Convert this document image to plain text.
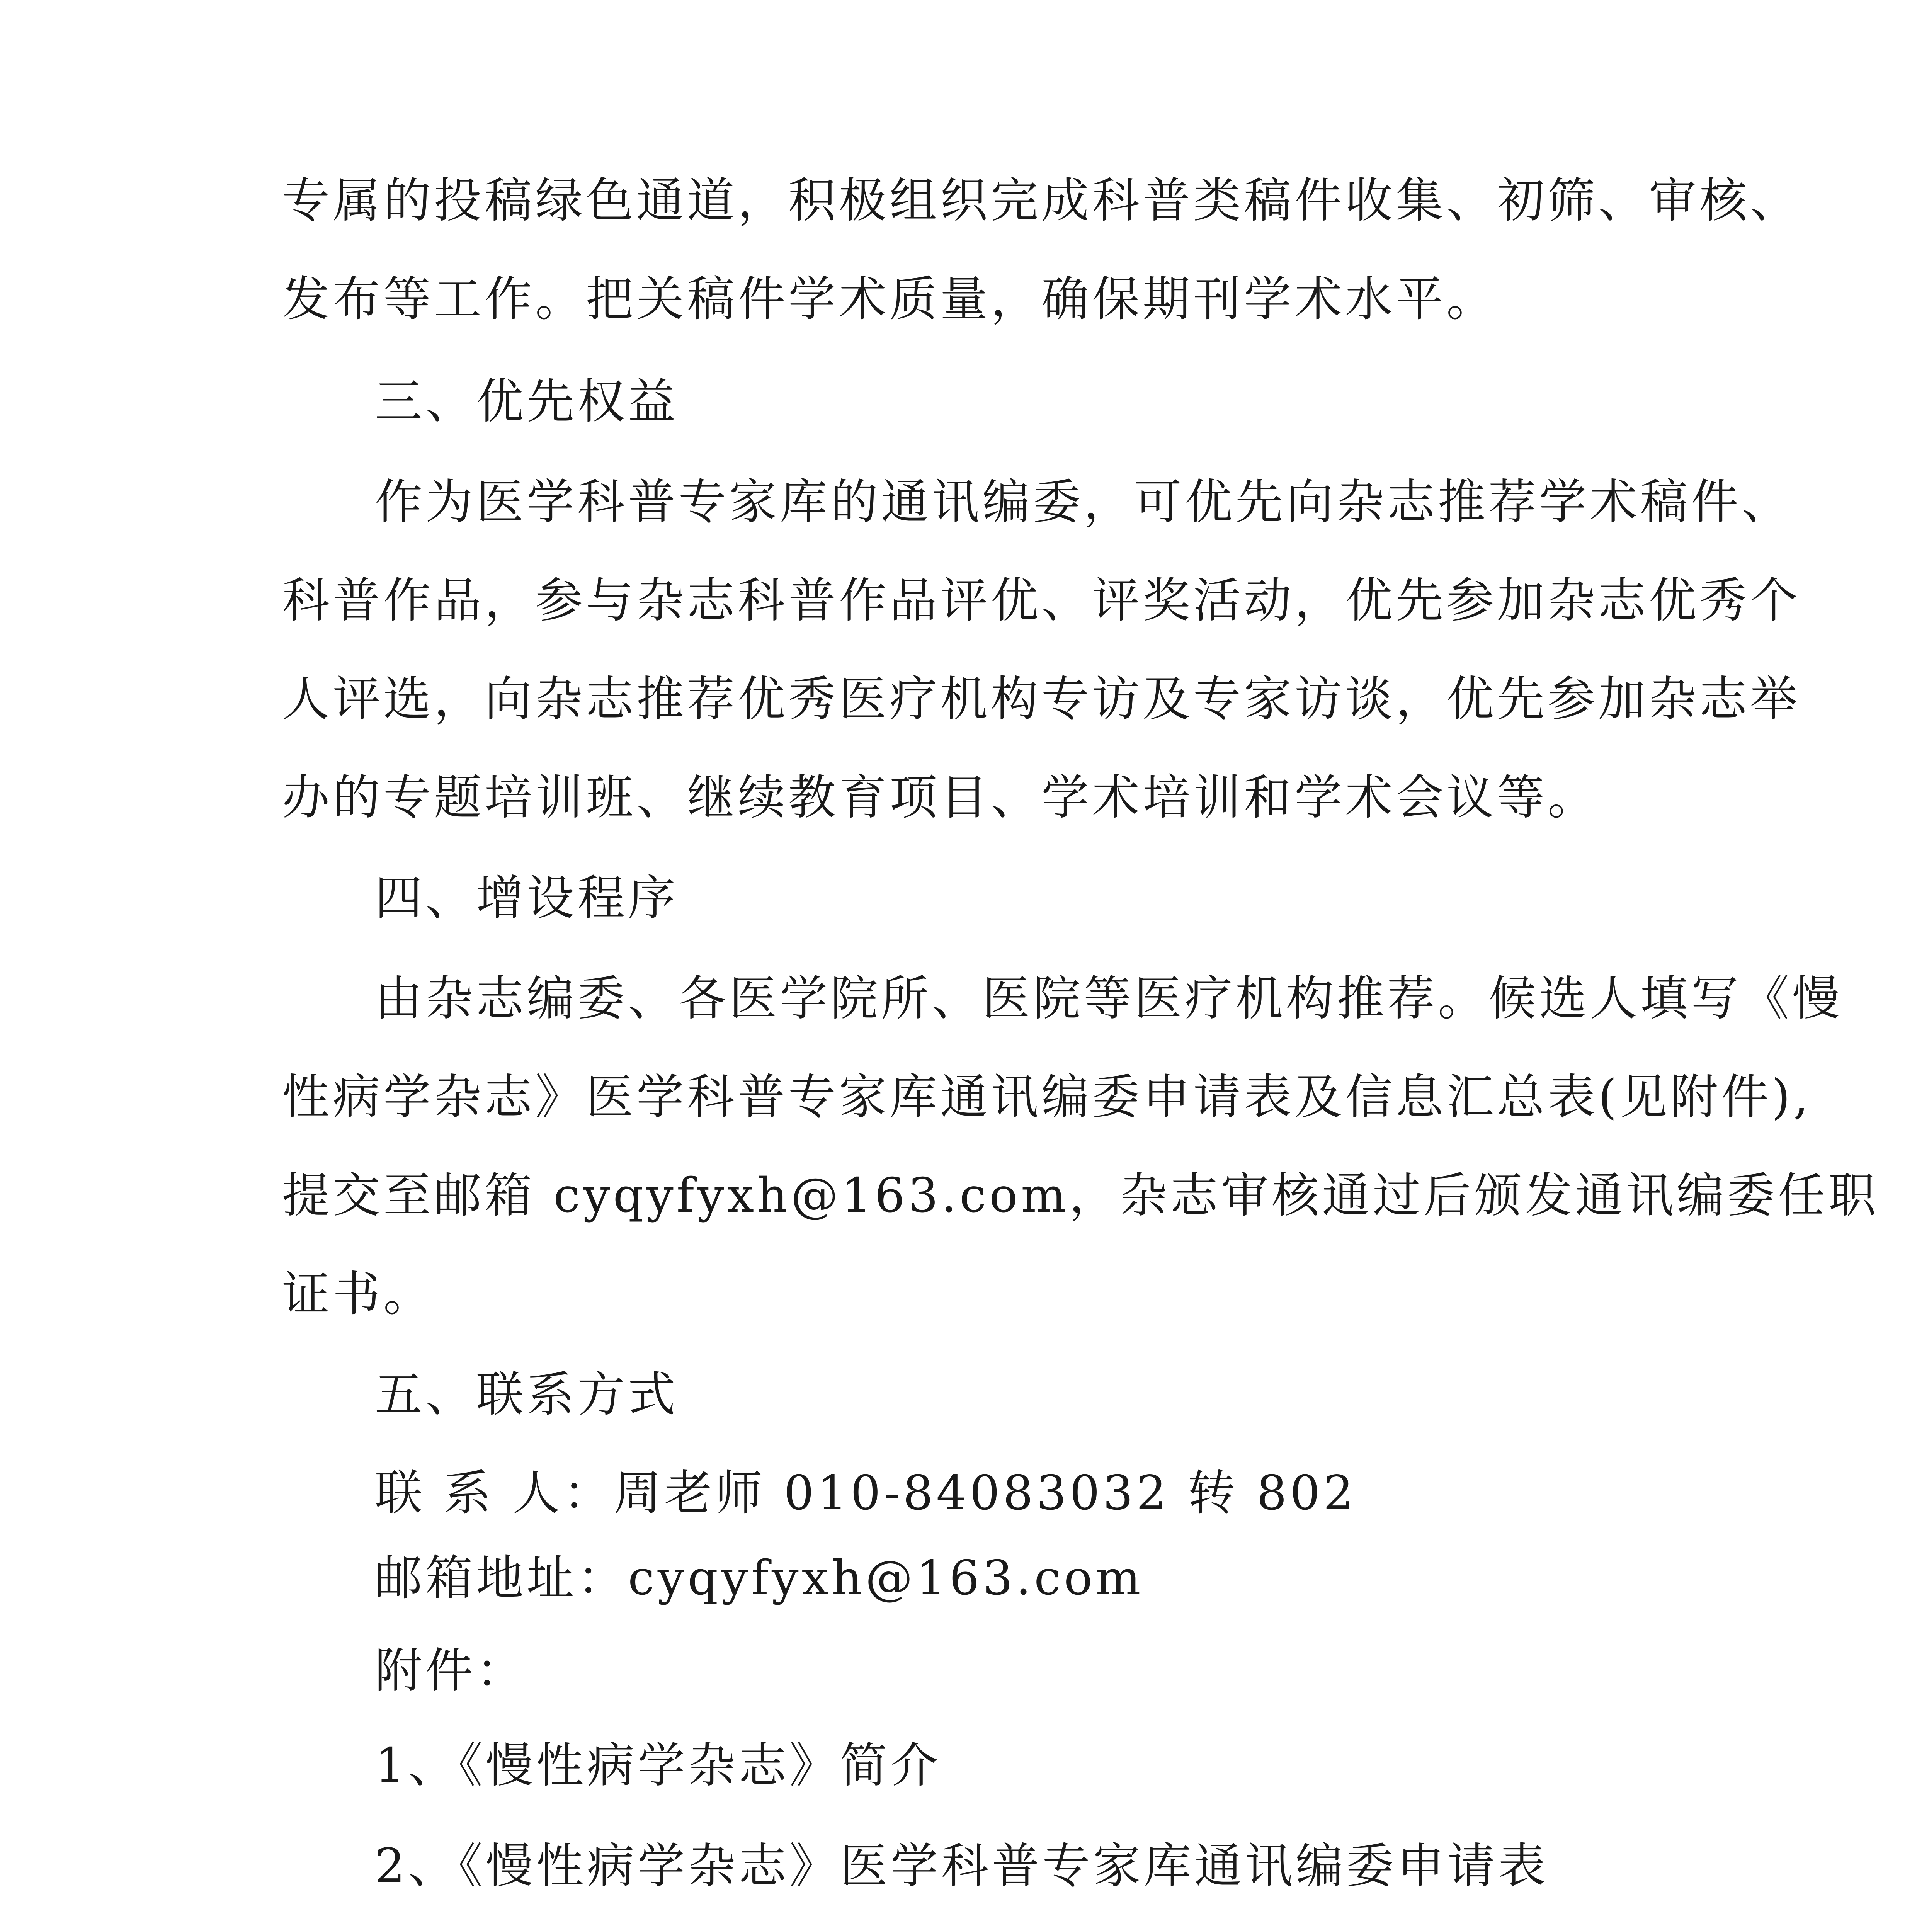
专属的投稿绿色通道，积极组织完成科普类稿件收集、初筛、审核、
发布等工作。把关稿件学术质量，确保期刊学术水平。
三、优先权益
作为医学科普专家库的通讯编委，可优先向杂志推荐学术稿件、
科普作品，参与杂志科普作品评优、评奖活动，优先参加杂志优秀个
人评选，向杂志推荐优秀医疗机构专访及专家访谈，优先参加杂志举
办的专题培训班、继续教育项目、学术培训和学术会议等。
四、增设程序
由杂志编委、各医学院所、医院等医疗机构推荐。候选人填写《慢
性病学杂志》医学科普专家库通讯编委申请表及信息汇总表(见附件),
提交至邮箱 cyqyfyxh@163.com，杂志审核通过后颁发通讯编委任职
证书。
五、联系方式
联 系 人：周老师 010-84083032 转 802
邮箱地址：cyqyfyxh@163.com
附件：
1、《慢性病学杂志》简介
2、《慢性病学杂志》医学科普专家库通讯编委申请表
